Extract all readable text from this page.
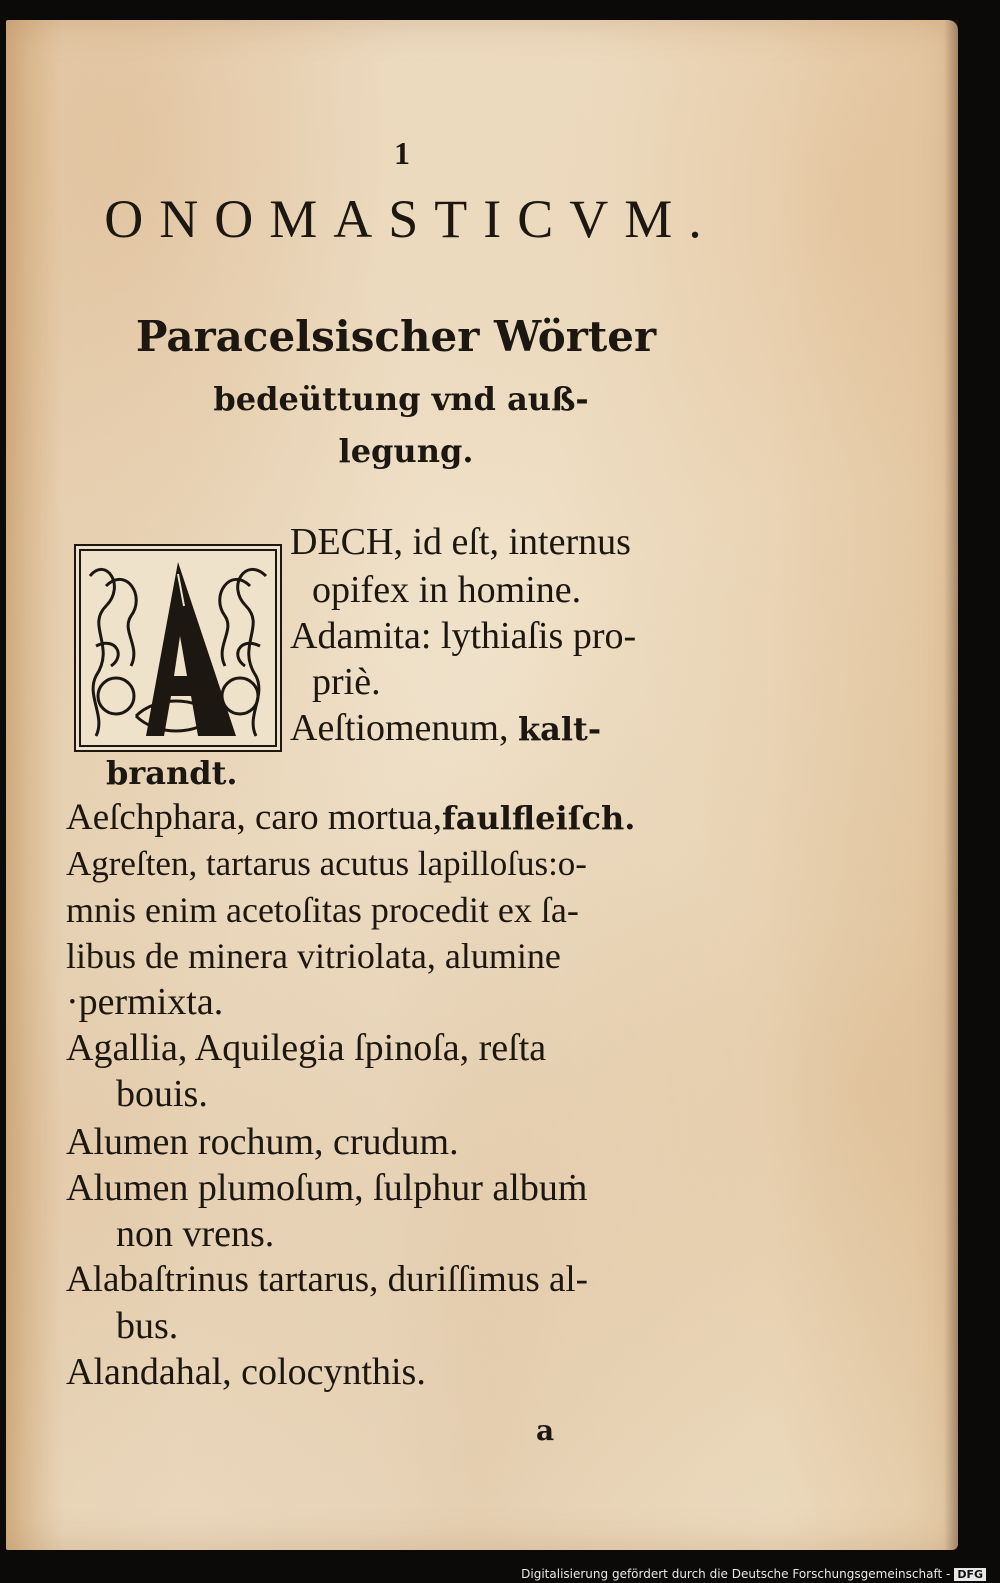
1
ONOMASTICVM.
Paracelsischer Wörter
bedeüttung vnd auß-
legung.
DECH, id eſt, internus
opifex in homine.
Adamita: lythiaſis pro-
priè.
Aeſtiomenum, kalt-
brandt.
Aeſchphara, caro mortua,faulfleiſch.
Agreſten, tartarus acutus lapilloſus:o-
mnis enim acetoſitas procedit ex ſa-
libus de minera vitriolata, alumine
·permixta.
Agallia, Aquilegia ſpinoſa, reſta
bouis.
Alumen rochum, crudum.
Alumen plumoſum, ſulphur albuṁ
non vrens.
Alabaſtrinus tartarus, duriſſimus al-
bus.
Alandahal, colocynthis.
a
Digitalisierung gefördert durch die Deutsche Forschungsgemeinschaft - DFG
